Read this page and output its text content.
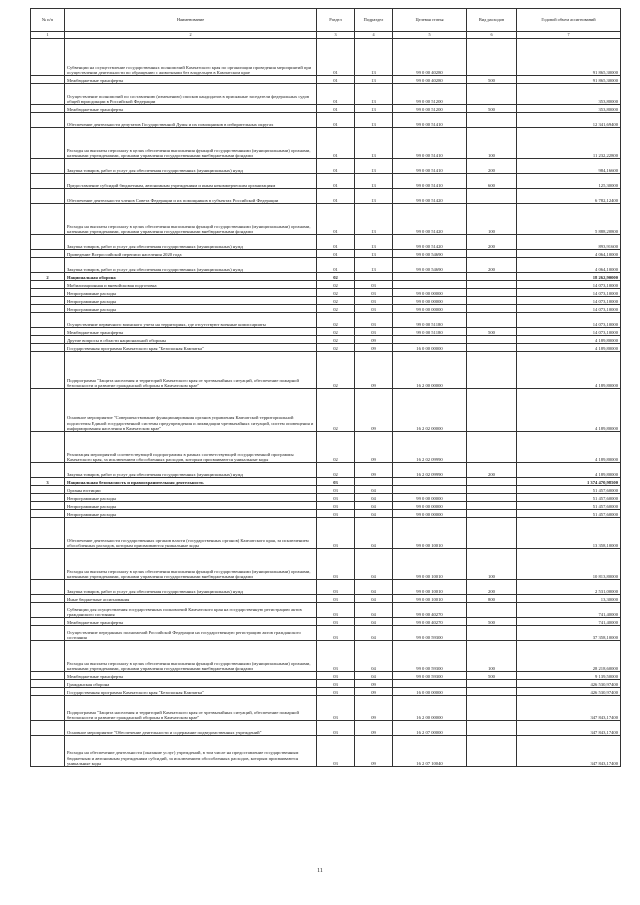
№ п/п	Наименование	Раздел	Подраздел	Целевая статья	Вид расходов	Годовой объем ассигнований
1	2	3	4	5	6	7
	Субвенции на осуществление государственных полномочий Камчатского края по организации проведения мероприятий при осуществлении деятельности по обращению с животными без владельцев в Камчатском крае	01	13	99 0 00 40280		91 865,30000
	Межбюджетные трансферты	01	13	99 0 00 40280	500	91 865,30000
	Осуществление полномочий по составлению (изменению) списков кандидатов в присяжные заседатели федеральных судов общей юрисдикции в Российской Федерации	01	13	99 0 00 51200		353,80000
	Межбюджетные трансферты	01	13	99 0 00 51200	500	353,80000
	Обеспечение деятельности депутатов Государственной Думы и их помощников в избирательных округах	01	13	99 0 00 51410		12 341,69400
	Расходы на выплаты персоналу в целях обеспечения выполнения функций государственными (муниципальными) органами, казенными учреждениями, органами управления государственными внебюджетными фондами	01	13	99 0 00 51410	100	11 232,22800
	Закупка товаров, работ и услуг для обеспечения государственных (муниципальных) нужд	01	13	99 0 00 51410	200	984,16600
	Предоставление субсидий бюджетным, автономным учреждениям и иным некоммерческим организациям	01	13	99 0 00 51410	600	125,30000
	Обеспечение деятельности членов Совета Федерации и их помощников в субъектах Российской Федерации	01	13	99 0 00 51420		6 782,12400
	Расходы на выплаты персоналу в целях обеспечения выполнения функций государственными (муниципальными) органами, казенными учреждениями, органами управления государственными внебюджетными фондами	01	13	99 0 00 51420	100	5 888,20800
	Закупка товаров, работ и услуг для обеспечения государственных (муниципальных) нужд	01	13	99 0 00 51420	200	893,91600
	Проведение Всероссийской переписи населения 2020 года	01	13	99 0 00 54690		4 064,10000
	Закупка товаров, работ и услуг для обеспечения государственных (муниципальных) нужд	01	13	99 0 00 54690	200	4 064,10000
2	Национальная оборона	02				18 262,90000
	Мобилизационная и вневойсковая подготовка	02	03			14 073,10000
	Непрограммные расходы	02	03	99 0 00 00000		14 073,10000
	Непрограммные расходы	02	03	99 0 00 00000		14 073,10000
	Непрограммные расходы	02	03	99 0 00 00000		14 073,10000
	Осуществление первичного воинского учета на территориях, где отсутствуют военные комиссариаты	02	03	99 0 00 51180		14 073,10000
	Межбюджетные трансферты	02	03	99 0 00 51180	500	14 073,10000
	Другие вопросы в области национальной обороны	02	09			4 189,80000
	Государственная программа Камчатского края "Безопасная Камчатка"	02	09	16 0 00 00000		4 189,80000
	Подпрограмма "Защита населения и территорий Камчатского края от чрезвычайных ситуаций, обеспечение пожарной безопасности и развитие гражданской обороны в Камчатском крае"	02	09	16 2 00 00000		4 189,80000
	Основное мероприятие "Совершенствование функционирования органов управления Камчатской территориальной подсистемы Единой государственной системы предупреждения и ликвидации чрезвычайных ситуаций, систем оповещения и информирования населения в Камчатском крае"	02	09	16 2 02 00000		4 189,80000
	Реализация мероприятий соответствующей подпрограммы в рамках соответствующей государственной программы Камчатского края, за исключением обособленных расходов, которым присваиваются уникальные коды	02	09	16 2 02 09990		4 189,80000
	Закупка товаров, работ и услуг для обеспечения государственных (муниципальных) нужд	02	09	16 2 02 09990	200	4 189,80000
3	Национальная безопасность и правоохранительная деятельность	03				1 374 470,98500
	Органы юстиции	03	04			51 457,60000
	Непрограммные расходы	03	04	99 0 00 00000		51 457,60000
	Непрограммные расходы	03	04	99 0 00 00000		51 457,60000
	Непрограммные расходы	03	04	99 0 00 00000		51 457,60000
	Обеспечение деятельности государственных органов власти (государственных органов) Камчатского края, за исключением обособленных расходов, которым присваиваются уникальные коды	03	04	99 0 00 10010		13 358,10000
	Расходы на выплаты персоналу в целях обеспечения выполнения функций государственными (муниципальными) органами, казенными учреждениями, органами управления государственными внебюджетными фондами	03	04	99 0 00 10010	100	10 813,80000
	Закупка товаров, работ и услуг для обеспечения государственных (муниципальных) нужд	03	04	99 0 00 10010	200	2 531,00000
	Иные бюджетные ассигнования	03	04	99 0 00 10010	800	13,30000
	Субвенции для осуществления государственных полномочий Камчатского края на государственную регистрацию актов гражданского состояния	03	04	99 0 00 40270		741,40000
	Межбюджетные трансферты	03	04	99 0 00 40270	500	741,40000
	Осуществление переданных полномочий Российской Федерации на государственную регистрацию актов гражданского состояния	03	04	99 0 00 59300		37 358,10000
	Расходы на выплаты персоналу в целях обеспечения выполнения функций государственными (муниципальными) органами, казенными учреждениями, органами управления государственными внебюджетными фондами	03	04	99 0 00 59300	100	28 218,60000
	Межбюджетные трансферты	03	04	99 0 00 59300	500	9 139,50000
	Гражданская оборона	03	09			426 530,97400
	Государственная программа Камчатского края "Безопасная Камчатка"	03	09	16 0 00 00000		426 530,97400
	Подпрограмма "Защита населения и территорий Камчатского края от чрезвычайных ситуаций, обеспечение пожарной безопасности и развитие гражданской обороны в Камчатском крае"	03	09	16 2 00 00000		347 843,17400
	Основное мероприятие "Обеспечение деятельности и содержание подведомственных учреждений"	03	09	16 2 07 00000		347 843,17400
	Расходы на обеспечение деятельности (оказание услуг) учреждений, в том числе на предоставление государственным бюджетным и автономным учреждениям субсидий, за исключением обособленных расходов, которым присваиваются уникальные коды	03	09	16 2 07 10040		347 843,17400
11
